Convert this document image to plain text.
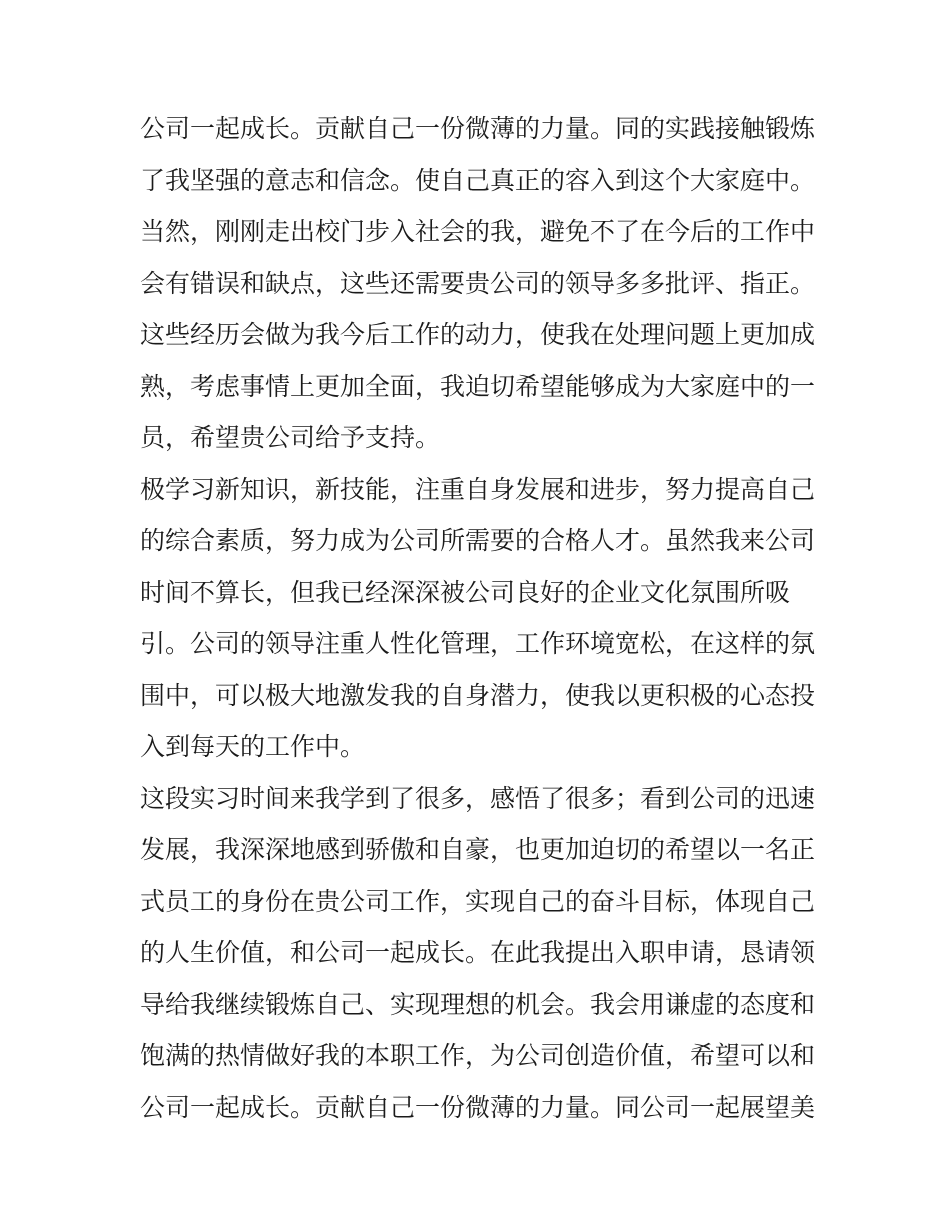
公司一起成长。贡献自己一份微薄的力量。同的实践接触锻炼
了我坚强的意志和信念。使自己真正的容入到这个大家庭中。
当然，刚刚走出校门步入社会的我，避免不了在今后的工作中
会有错误和缺点，这些还需要贵公司的领导多多批评、指正。
这些经历会做为我今后工作的动力，使我在处理问题上更加成
熟，考虑事情上更加全面，我迫切希望能够成为大家庭中的一
员，希望贵公司给予支持。
极学习新知识，新技能，注重自身发展和进步，努力提高自己
的综合素质，努力成为公司所需要的合格人才。虽然我来公司
时间不算长，但我已经深深被公司良好的企业文化氛围所吸
引。公司的领导注重人性化管理，工作环境宽松，在这样的氛
围中，可以极大地激发我的自身潜力，使我以更积极的心态投
入到每天的工作中。
这段实习时间来我学到了很多，感悟了很多；看到公司的迅速
发展，我深深地感到骄傲和自豪，也更加迫切的希望以一名正
式员工的身份在贵公司工作，实现自己的奋斗目标，体现自己
的人生价值，和公司一起成长。在此我提出入职申请，恳请领
导给我继续锻炼自己、实现理想的机会。我会用谦虚的态度和
饱满的热情做好我的本职工作，为公司创造价值，希望可以和
公司一起成长。贡献自己一份微薄的力量。同公司一起展望美
